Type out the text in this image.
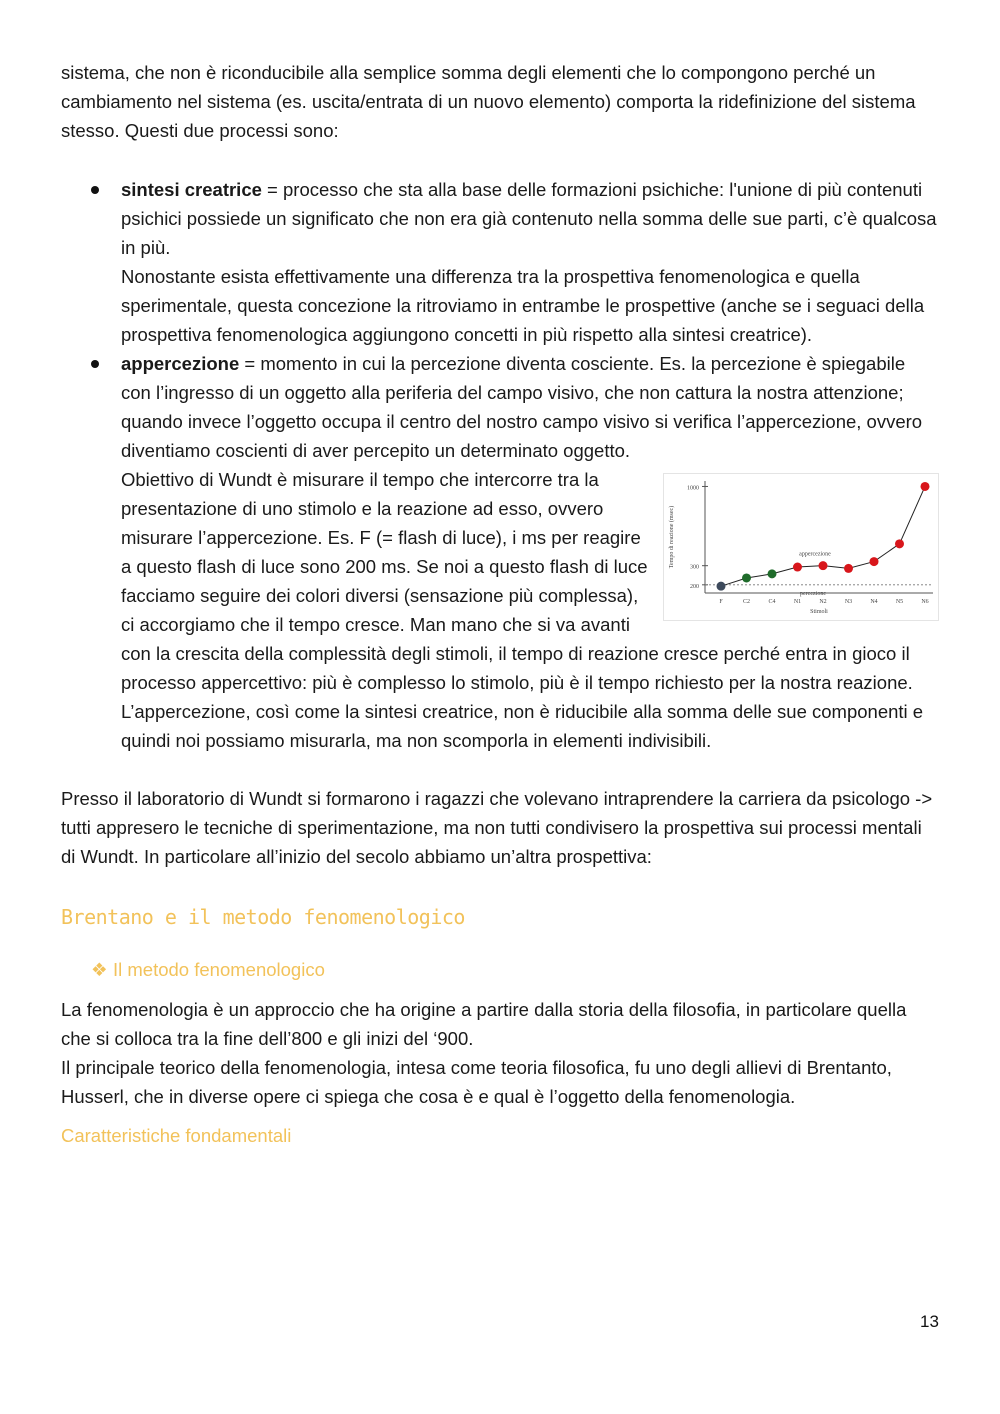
sistema, che non è riconducibile alla semplice somma degli elementi che lo compongono perché un cambiamento nel sistema (es. uscita/entrata di un nuovo elemento) comporta la ridefinizione del sistema stesso. Questi due processi sono:

sintesi creatrice = processo che sta alla base delle formazioni psichiche: l'unione di più contenuti psichici possiede un significato che non era già contenuto nella somma delle sue parti, c’è qualcosa in più.
Nonostante esista effettivamente una differenza tra la prospettiva fenomenologica e quella sperimentale, questa concezione la ritroviamo in entrambe le prospettive (anche se i seguaci della prospettiva fenomenologica aggiungono concetti in più rispetto alla sintesi creatrice).
appercezione = momento in cui la percezione diventa cosciente. Es. la percezione è spiegabile con l’ingresso di un oggetto alla periferia del campo visivo, che non cattura la nostra attenzione; quando invece l’oggetto occupa il centro del nostro campo visivo si verifica l’appercezione, ovvero diventiamo coscienti di aver percepito un determinato oggetto.

200
300
1000
Tempo di reazione (msec)
F	C2	C4	N1	N2	N3	N4	N5	N6
Stimoli
percezione
appercezione
Obiettivo di Wundt è misurare il tempo che intercorre tra la presentazione di uno stimolo e la reazione ad esso, ovvero misurare l’appercezione. Es. F (= flash di luce), i ms per reagire a questo flash di luce sono 200 ms. Se noi a questo flash di luce facciamo seguire dei colori diversi (sensazione più complessa), ci accorgiamo che il tempo cresce. Man mano che si va avanti con la crescita della complessità degli stimoli, il tempo di reazione cresce perché entra in gioco il processo appercettivo: più è complesso lo stimolo, più è il tempo richiesto per la nostra reazione.
L’appercezione, così come la sintesi creatrice, non è riducibile alla somma delle sue componenti e quindi noi possiamo misurarla, ma non scomporla in elementi indivisibili.

Presso il laboratorio di Wundt si formarono i ragazzi che volevano intraprendere la carriera da psicologo -> tutti appresero le tecniche di sperimentazione, ma non tutti condivisero la prospettiva sui processi mentali di Wundt. In particolare all’inizio del secolo abbiamo un’altra prospettiva:

Brentano e il metodo fenomenologico
❖ Il metodo fenomenologico

La fenomenologia è un approccio che ha origine a partire dalla storia della filosofia, in particolare quella che si colloca tra la fine dell’800 e gli inizi del ‘900.
Il principale teorico della fenomenologia, intesa come teoria filosofica, fu uno degli allievi di Brentanto, Husserl, che in diverse opere ci spiega che cosa è e qual è l’oggetto della fenomenologia.

Caratteristiche fondamentali
13
